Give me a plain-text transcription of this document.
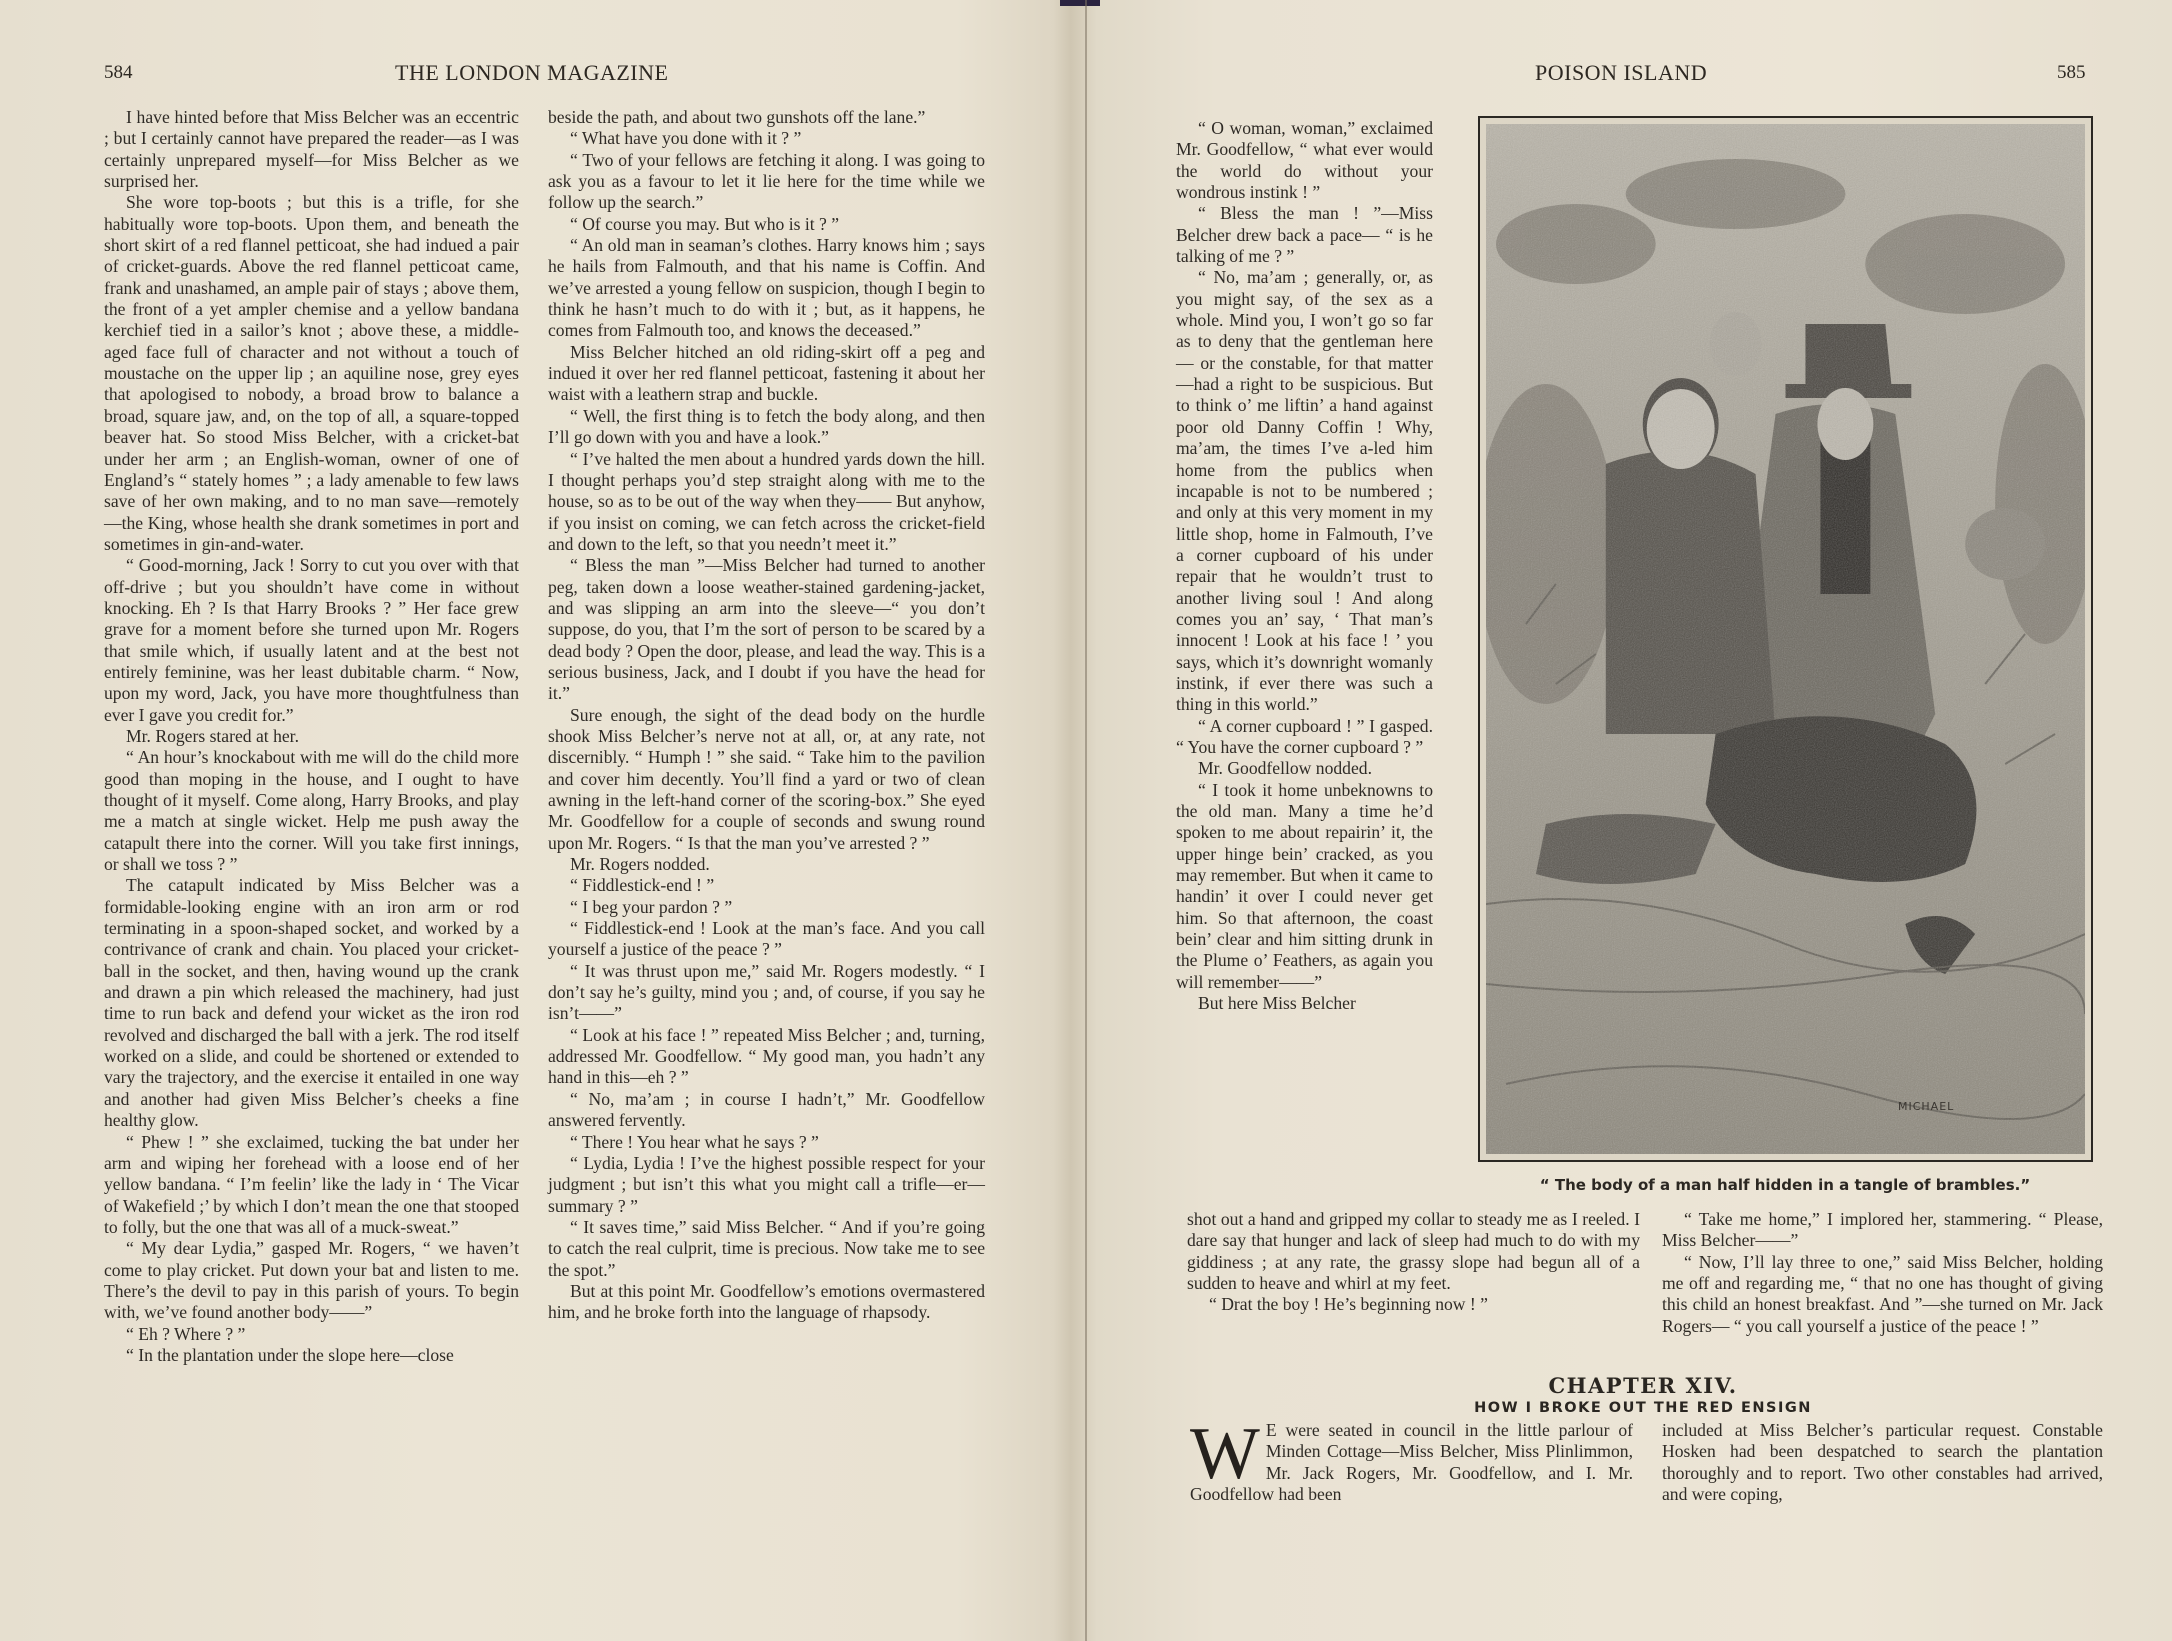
584	THE LONDON MAGAZINE

I have hinted before that Miss Belcher was an eccentric ; but I certainly cannot have prepared the reader—as I was certainly unprepared myself—for Miss Belcher as we surprised her.

She wore top-boots ; but this is a trifle, for she habitually wore top-boots. Upon them, and beneath the short skirt of a red flannel petticoat, she had indued a pair of cricket-guards. Above the red flannel petticoat came, frank and unashamed, an ample pair of stays ; above them, the front of a yet ampler chemise and a yellow bandana kerchief tied in a sailor’s knot ; above these, a middle-aged face full of character and not without a touch of moustache on the upper lip ; an aquiline nose, grey eyes that apologised to nobody, a broad brow to balance a broad, square jaw, and, on the top of all, a square-topped beaver hat. So stood Miss Belcher, with a cricket-bat under her arm ; an English-woman, owner of one of England’s “ stately homes ” ; a lady amenable to few laws save of her own making, and to no man save—remotely —the King, whose health she drank sometimes in port and sometimes in gin-and-water.

“ Good-morning, Jack ! Sorry to cut you over with that off-drive ; but you shouldn’t have come in without knocking. Eh ? Is that Harry Brooks ? ” Her face grew grave for a moment before she turned upon Mr. Rogers that smile which, if usually latent and at the best not entirely feminine, was her least dubitable charm. “ Now, upon my word, Jack, you have more thoughtfulness than ever I gave you credit for.”

Mr. Rogers stared at her.

“ An hour’s knockabout with me will do the child more good than moping in the house, and I ought to have thought of it myself. Come along, Harry Brooks, and play me a match at single wicket. Help me push away the catapult there into the corner. Will you take first innings, or shall we toss ? ”

The catapult indicated by Miss Belcher was a formidable-looking engine with an iron arm or rod terminating in a spoon-shaped socket, and worked by a contrivance of crank and chain. You placed your cricket-ball in the socket, and then, having wound up the crank and drawn a pin which released the machinery, had just time to run back and defend your wicket as the iron rod revolved and discharged the ball with a jerk. The rod itself worked on a slide, and could be shortened or extended to vary the trajectory, and the exercise it entailed in one way and another had given Miss Belcher’s cheeks a fine healthy glow.

“ Phew ! ” she exclaimed, tucking the bat under her arm and wiping her forehead with a loose end of her yellow bandana. “ I’m feelin’ like the lady in ‘ The Vicar of Wakefield ;’ by which I don’t mean the one that stooped to folly, but the one that was all of a muck-sweat.”

“ My dear Lydia,” gasped Mr. Rogers, “ we haven’t come to play cricket. Put down your bat and listen to me. There’s the devil to pay in this parish of yours. To begin with, we’ve found another body——”

“ Eh ? Where ? ”

“ In the plantation under the slope here—close

beside the path, and about two gunshots off the lane.”

“ What have you done with it ? ”

“ Two of your fellows are fetching it along. I was going to ask you as a favour to let it lie here for the time while we follow up the search.”

“ Of course you may. But who is it ? ”

“ An old man in seaman’s clothes. Harry knows him ; says he hails from Falmouth, and that his name is Coffin. And we’ve arrested a young fellow on suspicion, though I begin to think he hasn’t much to do with it ; but, as it happens, he comes from Falmouth too, and knows the deceased.”

Miss Belcher hitched an old riding-skirt off a peg and indued it over her red flannel petticoat, fastening it about her waist with a leathern strap and buckle.

“ Well, the first thing is to fetch the body along, and then I’ll go down with you and have a look.”

“ I’ve halted the men about a hundred yards down the hill. I thought perhaps you’d step straight along with me to the house, so as to be out of the way when they—— But anyhow, if you insist on coming, we can fetch across the cricket-field and down to the left, so that you needn’t meet it.”

“ Bless the man ”—Miss Belcher had turned to another peg, taken down a loose weather-stained gardening-jacket, and was slipping an arm into the sleeve—“ you don’t suppose, do you, that I’m the sort of person to be scared by a dead body ? Open the door, please, and lead the way. This is a serious business, Jack, and I doubt if you have the head for it.”

Sure enough, the sight of the dead body on the hurdle shook Miss Belcher’s nerve not at all, or, at any rate, not discernibly. “ Humph ! ” she said. “ Take him to the pavilion and cover him decently. You’ll find a yard or two of clean awning in the left-hand corner of the scoring-box.” She eyed Mr. Goodfellow for a couple of seconds and swung round upon Mr. Rogers. “ Is that the man you’ve arrested ? ”

Mr. Rogers nodded.

“ Fiddlestick-end ! ”

“ I beg your pardon ? ”

“ Fiddlestick-end ! Look at the man’s face. And you call yourself a justice of the peace ? ”

“ It was thrust upon me,” said Mr. Rogers modestly. “ I don’t say he’s guilty, mind you ; and, of course, if you say he isn’t——”

“ Look at his face ! ” repeated Miss Belcher ; and, turning, addressed Mr. Goodfellow. “ My good man, you hadn’t any hand in this—eh ? ”

“ No, ma’am ; in course I hadn’t,” Mr. Goodfellow answered fervently.

“ There ! You hear what he says ? ”

“ Lydia, Lydia ! I’ve the highest possible respect for your judgment ; but isn’t this what you might call a trifle—er—summary ? ”

“ It saves time,” said Miss Belcher. “ And if you’re going to catch the real culprit, time is precious. Now take me to see the spot.”

But at this point Mr. Goodfellow’s emotions overmastered him, and he broke forth into the language of rhapsody.

POISON ISLAND	585

“ O woman, woman,” exclaimed Mr. Goodfellow, “ what ever would the world do without your wondrous instink ! ”

“ Bless the man ! ”—Miss Belcher drew back a pace— “ is he talking of me ? ”

“ No, ma’am ; generally, or, as you might say, of the sex as a whole. Mind you, I won’t go so far as to deny that the gentleman here— or the constable, for that matter—had a right to be suspicious. But to think o’ me liftin’ a hand against poor old Danny Coffin ! Why, ma’am, the times I’ve a-led him home from the publics when incapable is not to be numbered ; and only at this very moment in my little shop, home in Falmouth, I’ve a corner cupboard of his under repair that he wouldn’t trust to another living soul ! And along comes you an’ say, ‘ That man’s innocent ! Look at his face ! ’ you says, which it’s downright womanly instink, if ever there was such a thing in this world.”

“ A corner cupboard ! ” I gasped. “ You have the corner cupboard ? ”

Mr. Goodfellow nodded.

“ I took it home unbeknowns to the old man. Many a time he’d spoken to me about repairin’ it, the upper hinge bein’ cracked, as you may remember. But when it came to handin’ it over I could never get him. So that afternoon, the coast bein’ clear and him sitting drunk in the Plume o’ Feathers, as again you will remember——”

But here Miss Belcher

MICHAEL
“ The body of a man half hidden in a tangle of brambles.”

shot out a hand and gripped my collar to steady me as I reeled. I dare say that hunger and lack of sleep had much to do with my giddiness ; at any rate, the grassy slope had begun all of a sudden to heave and whirl at my feet.

“ Drat the boy ! He’s beginning now ! ”

“ Take me home,” I implored her, stammering. “ Please, Miss Belcher——”

“ Now, I’ll lay three to one,” said Miss Belcher, holding me off and regarding me, “ that no one has thought of giving this child an honest breakfast. And ”—she turned on Mr. Jack Rogers— “ you call yourself a justice of the peace ! ”

CHAPTER XIV.
HOW I BROKE OUT THE RED ENSIGN

W E were seated in council in the little parlour of Minden Cottage—Miss Belcher, Miss Plinlimmon, Mr. Jack Rogers, Mr. Goodfellow, and I. Mr. Goodfellow had been

included at Miss Belcher’s particular request. Constable Hosken had been despatched to search the plantation thoroughly and to report. Two other constables had arrived, and were coping,
